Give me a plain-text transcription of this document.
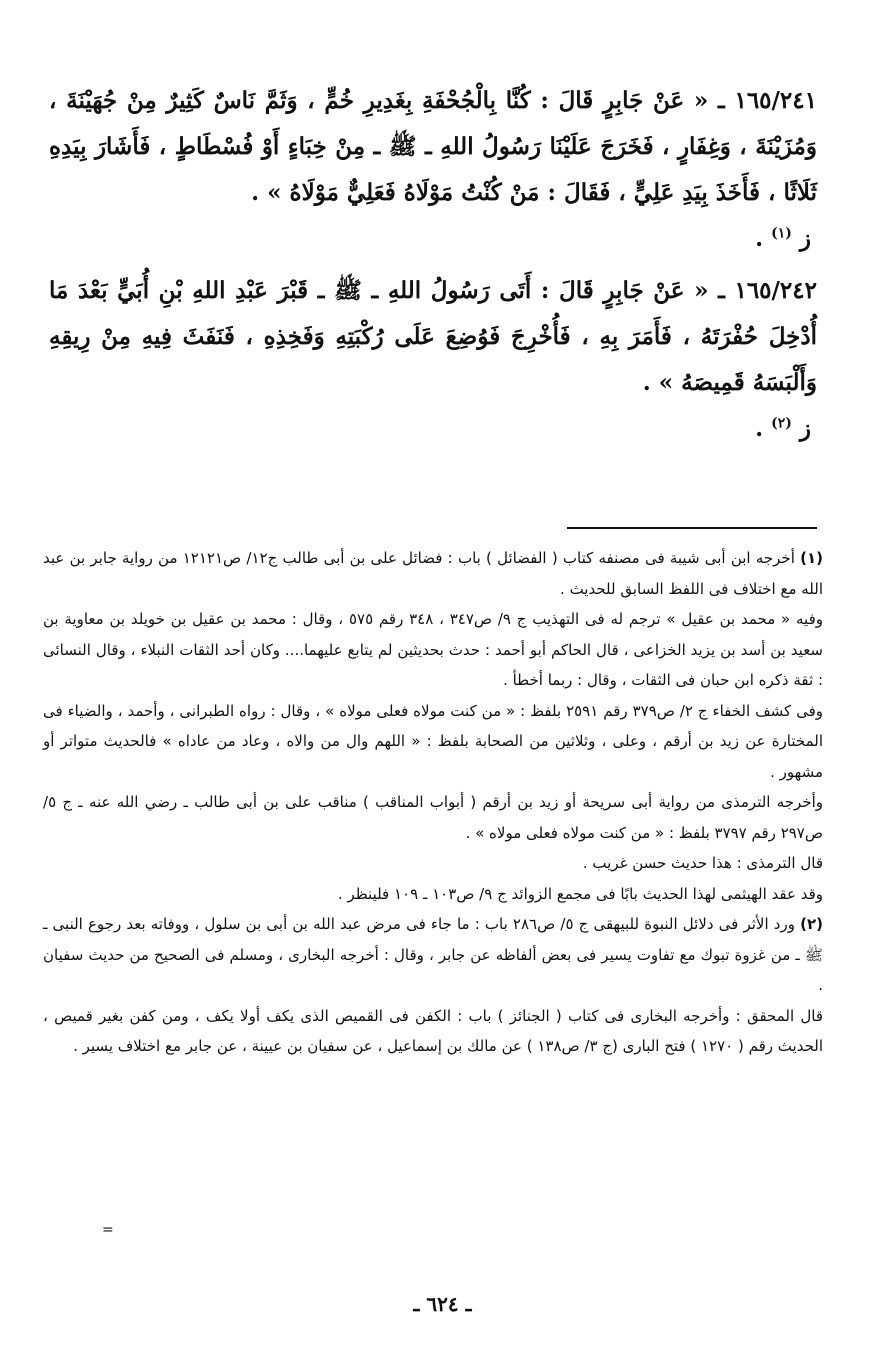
١٦٥/٢٤١ ـ « عَنْ جَابِرٍ قَالَ : كُنَّا بِالْجُحْفَةِ بِغَدِيرِ خُمٍّ ، وَثَمَّ نَاسٌ كَثِيرٌ مِنْ جُهَيْنَةَ ، وَمُزَيْنَةَ ، وَغِفَارٍ ، فَخَرَجَ عَلَيْنَا رَسُولُ اللهِ ـ ﷺ ـ مِنْ خِبَاءٍ أَوْ فُسْطَاطٍ ، فَأَشَارَ بِيَدِهِ ثَلَاثًا ، فَأَخَذَ بِيَدِ عَلِيٍّ ، فَقَالَ : مَنْ كُنْتُ مَوْلَاهُ فَعَلِيٌّ مَوْلَاهُ » .

ز $^{(١)}$ .

١٦٥/٢٤٢ ـ « عَنْ جَابِرٍ قَالَ : أَتَى رَسُولُ اللهِ ـ ﷺ ـ قَبْرَ عَبْدِ اللهِ بْنِ أُبَيٍّ بَعْدَ مَا أُدْخِلَ حُفْرَتَهُ ، فَأَمَرَ بِهِ ، فَأُخْرِجَ فَوُضِعَ عَلَى رُكْبَتِهِ وَفَخِذِهِ ، فَنَفَثَ فِيهِ مِنْ رِيقِهِ وَأَلْبَسَهُ قَمِيصَهُ » .

ز $^{(٢)}$ .

(١) أخرجه ابن أبى شيبة فى مصنفه كتاب ( الفضائل ) باب : فضائل على بن أبى طالب ج١٢/ ص١٢١٢١ من رواية جابر بن عبد الله مع اختلاف فى اللفظ السابق للحديث .

وفيه « محمد بن عقيل » ترجم له فى التهذيب ج ٩/ ص٣٤٧ ، ٣٤٨ رقم ٥٧٥ ، وقال : محمد بن عقيل بن خويلد بن معاوية بن سعيد بن أسد بن يزيد الخزاعى ، قال الحاكم أبو أحمد : حدث بحديثين لم يتابع عليهما.... وكان أحد الثقات النبلاء ، وقال النسائى : ثقة ذكره ابن حبان فى الثقات ، وقال : ربما أخطأ .

وفى كشف الخفاء ج ٢/ ص٣٧٩ رقم ٢٥٩١ بلفظ : « من كنت مولاه فعلى مولاه » ، وقال : رواه الطبرانى ، وأحمد ، والضياء فى المختارة عن زيد بن أرقم ، وعلى ، وثلاثين من الصحابة بلفظ : « اللهم وال من والاه ، وعاد من عاداه » فالحديث متواتر أو مشهور .

وأخرجه الترمذى من رواية أبى سريحة أو زيد بن أرقم ( أبواب المناقب ) مناقب على بن أبى طالب ـ رضي الله عنه ـ ج ٥/ ص٢٩٧ رقم ٣٧٩٧ بلفظ : « من كنت مولاه فعلى مولاه » .

قال الترمذى : هذا حديث حسن غريب .

وقد عقد الهيثمى لهذا الحديث بابًا فى مجمع الزوائد ج ٩/ ص١٠٣ ـ ١٠٩ فلينظر .

(٢) ورد الأثر فى دلائل النبوة للبيهقى ج ٥/ ص٢٨٦ باب : ما جاء فى مرض عبد الله بن أبى بن سلول ، ووفاته بعد رجوع النبى ـ ﷺ ـ من غزوة تبوك مع تفاوت يسير فى بعض ألفاظه عن جابر ، وقال : أخرجه البخارى ، ومسلم فى الصحيح من حديث سفيان .

قال المحقق : وأخرجه البخارى فى كتاب ( الجنائز ) باب : الكفن فى القميص الذى يكف أولا يكف ، ومن كفن بغير قميص ، الحديث رقم ( ١٢٧٠ ) فتح البارى (ج ٣/ ص١٣٨ ) عن مالك بن إسماعيل ، عن سفيان بن عيينة ، عن جابر مع اختلاف يسير .

=
ـ ٦٢٤ ـ
